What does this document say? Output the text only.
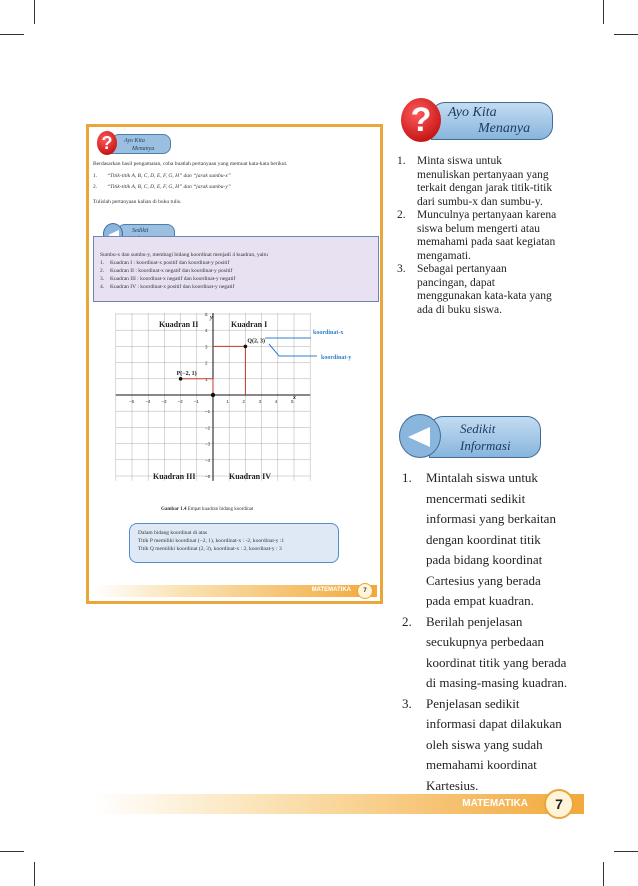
Ayo Kita
Menanya
?
Berdasarkan hasil pengamatan, coba buatlah pertanyaan yang memuat kata-kata berikut.
1.	“Titik-titik A, B, C, D, E, F, G, H” dan “jarak sumbu-x”
2.	“Titik-titik A, B, C, D, E, F, G, H” dan “jarak sumbu-y”
Tulislah pertanyaan kalian di buku tulis.
Sedikit
Sumbu-x dan sumbu-y, membagi bidang koordinat menjadi 4 kuadran, yaitu
1.	Kuadran I : koordinat-x positif dan koordinat-y positif
2.	Kuadran II : koordinat-x negatif dan koordinat-y positif
3.	Kuadran III : koordinat-x negatif dan koordinat-y negatif
4.	Kuadran IV : koordinat-x positif dan koordinat-y negatif
−5 −4 −3 −2 −1	1	2	3	4	5
5
4
3
2
1
−1
−2
−3
−4
−5
P(−2, 1)
Q(2, 3)
Kuadran II	Kuadran I
Kuadran III	Kuadran IV
y
x
koordinat-x
koordinat-y
Gambar 1.4 Empat kuadran bidang koordinat
Dalam bidang koordinat di atas
Titik P memiliki koordinat (−2, 1), koordinat-x : -2, koordinat-y :1
Titik Q memiliki koordinat (2, 3), koordinat-x : 2, koordinat-y : 3
MATEMATIKA	7
Ayo Kita
Menanya
?
1. Minta siswa untuk menuliskan pertanyaan yang terkait dengan jarak titik-titik dari sumbu-x dan sumbu-y.
2. Munculnya pertanyaan karena siswa belum mengerti atau memahami pada saat kegiatan mengamati.
3. Sebagai pertanyaan pancingan, dapat menggunakan kata-kata yang ada di buku siswa.
Sedikit
Informasi
1.	Mintalah siswa untuk mencermati sedikit informasi yang berkaitan dengan koordinat titik pada bidang koordinat Cartesius yang berada pada empat kuadran.
2.	Berilah penjelasan secukupnya perbedaan koordinat titik yang berada di masing-masing kuadran.
3.	Penjelasan sedikit informasi dapat dilakukan oleh siswa yang sudah memahami koordinat Kartesius.
MATEMATIKA	7
